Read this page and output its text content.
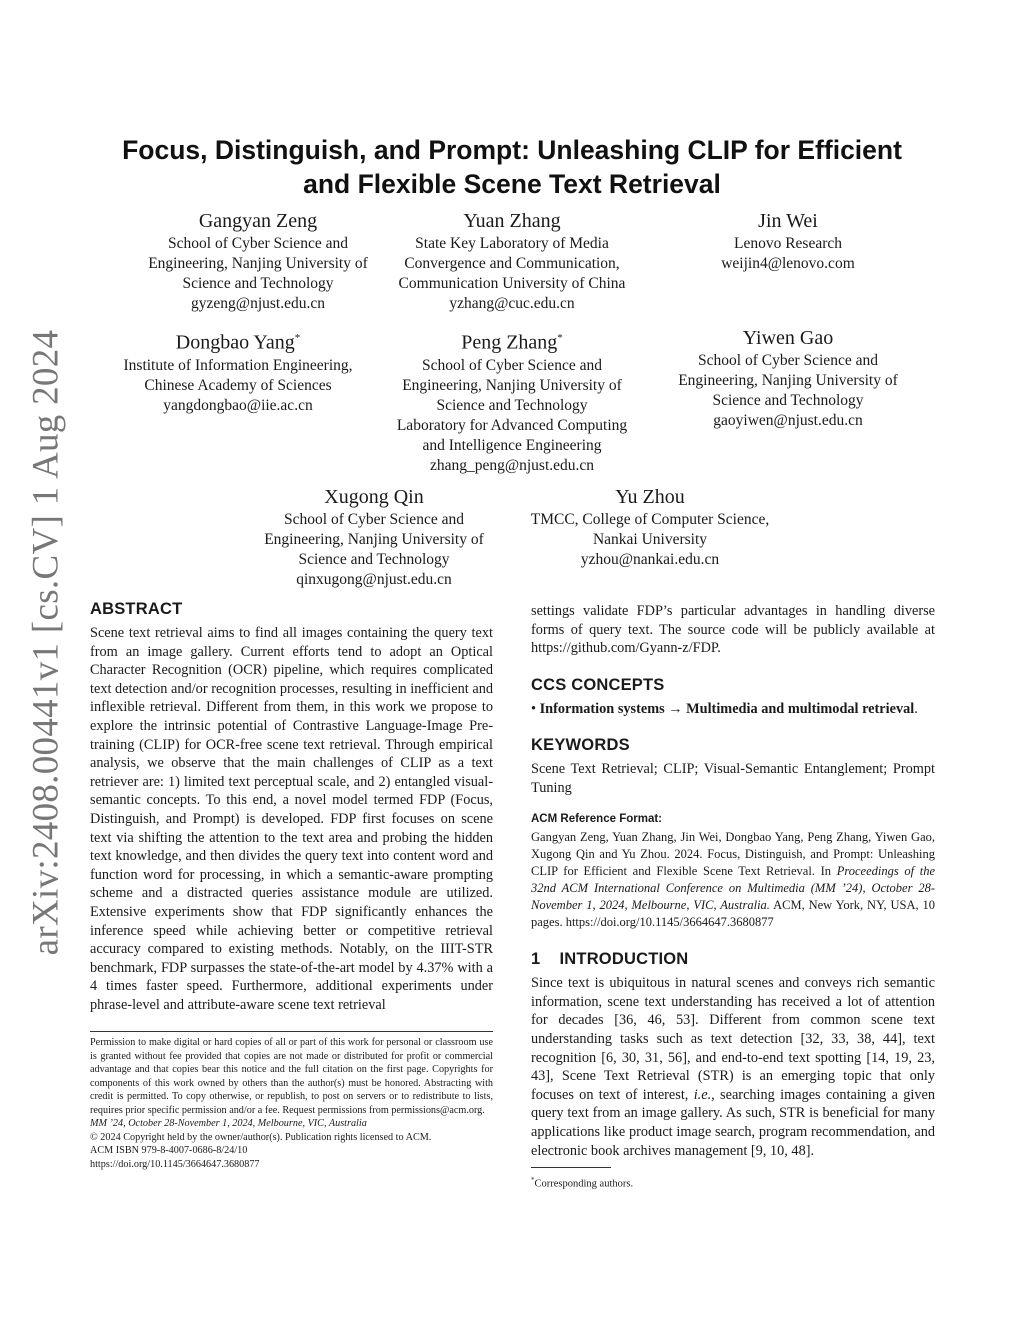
arXiv:2408.00441v1 [cs.CV] 1 Aug 2024
Focus, Distinguish, and Prompt: Unleashing CLIP for Efficient
and Flexible Scene Text Retrieval
Gangyan Zeng
School of Cyber Science and
Engineering, Nanjing University of
Science and Technology
gyzeng@njust.edu.cn
Yuan Zhang
State Key Laboratory of Media
Convergence and Communication,
Communication University of China
yzhang@cuc.edu.cn
Jin Wei
Lenovo Research
weijin4@lenovo.com
Dongbao Yang*
Institute of Information Engineering,
Chinese Academy of Sciences
yangdongbao@iie.ac.cn
Peng Zhang*
School of Cyber Science and
Engineering, Nanjing University of
Science and Technology
Laboratory for Advanced Computing
and Intelligence Engineering
zhang_peng@njust.edu.cn
Yiwen Gao
School of Cyber Science and
Engineering, Nanjing University of
Science and Technology
gaoyiwen@njust.edu.cn
Xugong Qin
School of Cyber Science and
Engineering, Nanjing University of
Science and Technology
qinxugong@njust.edu.cn
Yu Zhou
TMCC, College of Computer Science,
Nankai University
yzhou@nankai.edu.cn
ABSTRACT

Scene text retrieval aims to find all images containing the query text from an image gallery. Current efforts tend to adopt an Optical Character Recognition (OCR) pipeline, which requires complicated text detection and/or recognition processes, resulting in inefficient and inflexible retrieval. Different from them, in this work we propose to explore the intrinsic potential of Contrastive Language-Image Pre-training (CLIP) for OCR-free scene text retrieval. Through empirical analysis, we observe that the main challenges of CLIP as a text retriever are: 1) limited text perceptual scale, and 2) entangled visual-semantic concepts. To this end, a novel model termed FDP (Focus, Distinguish, and Prompt) is developed. FDP first focuses on scene text via shifting the attention to the text area and probing the hidden text knowledge, and then divides the query text into content word and function word for processing, in which a semantic-aware prompting scheme and a distracted queries assistance module are utilized. Extensive experiments show that FDP significantly enhances the inference speed while achieving better or competitive retrieval accuracy compared to existing methods. Notably, on the IIIT-STR benchmark, FDP surpasses the state-of-the-art model by 4.37% with a 4 times faster speed. Furthermore, additional experiments under phrase-level and attribute-aware scene text retrieval

Permission to make digital or hard copies of all or part of this work for personal or classroom use is granted without fee provided that copies are not made or distributed for profit or commercial advantage and that copies bear this notice and the full citation on the first page. Copyrights for components of this work owned by others than the author(s) must be honored. Abstracting with credit is permitted. To copy otherwise, or republish, to post on servers or to redistribute to lists, requires prior specific permission and/or a fee. Request permissions from permissions@acm.org.

MM ’24, October 28-November 1, 2024, Melbourne, VIC, Australia

© 2024 Copyright held by the owner/author(s). Publication rights licensed to ACM.

ACM ISBN 979-8-4007-0686-8/24/10

https://doi.org/10.1145/3664647.3680877

settings validate FDP’s particular advantages in handling diverse forms of query text. The source code will be publicly available at https://github.com/Gyann-z/FDP.

CCS CONCEPTS

• Information systems → Multimedia and multimodal retrieval.

KEYWORDS

Scene Text Retrieval; CLIP; Visual-Semantic Entanglement; Prompt Tuning

ACM Reference Format:

Gangyan Zeng, Yuan Zhang, Jin Wei, Dongbao Yang, Peng Zhang, Yiwen Gao, Xugong Qin and Yu Zhou. 2024. Focus, Distinguish, and Prompt: Unleashing CLIP for Efficient and Flexible Scene Text Retrieval. In Proceedings of the 32nd ACM International Conference on Multimedia (MM ’24), October 28-November 1, 2024, Melbourne, VIC, Australia. ACM, New York, NY, USA, 10 pages. https://doi.org/10.1145/3664647.3680877

1    INTRODUCTION

Since text is ubiquitous in natural scenes and conveys rich semantic information, scene text understanding has received a lot of attention for decades [36, 46, 53]. Different from common scene text understanding tasks such as text detection [32, 33, 38, 44], text recognition [6, 30, 31, 56], and end-to-end text spotting [14, 19, 23, 43], Scene Text Retrieval (STR) is an emerging topic that only focuses on text of interest, i.e., searching images containing a given query text from an image gallery. As such, STR is beneficial for many applications like product image search, program recommendation, and electronic book archives management [9, 10, 48].

*Corresponding authors.
